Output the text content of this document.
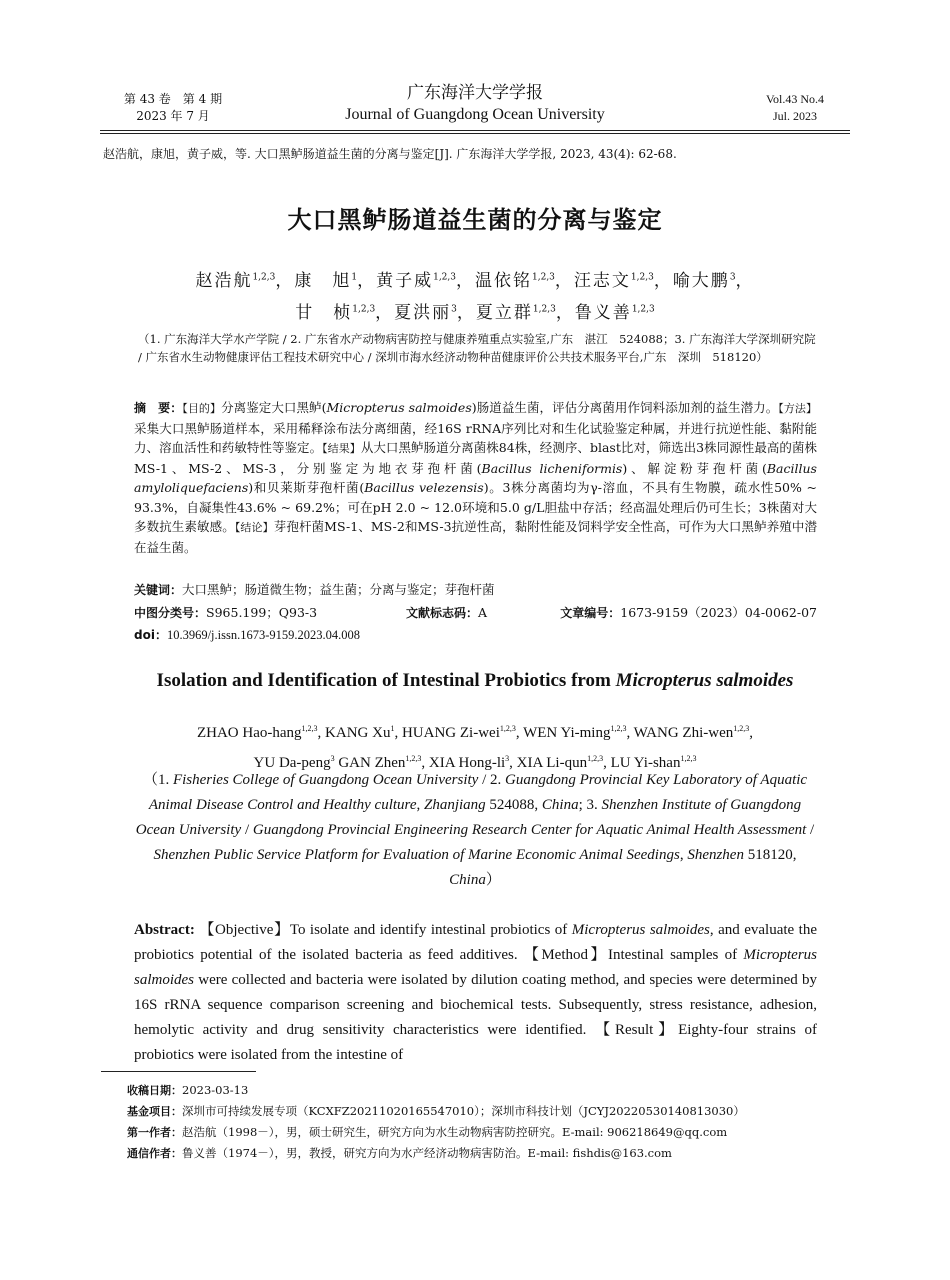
第 43 卷　第 4 期
2023 年 7 月
广东海洋大学学报
Journal of Guangdong Ocean University
Vol.43 No.4
Jul. 2023
赵浩航，康旭，黄子威，等. 大口黑鲈肠道益生菌的分离与鉴定[J]. 广东海洋大学学报, 2023, 43(4): 62-68.
大口黑鲈肠道益生菌的分离与鉴定
赵浩航$^{1,2,3}$，康　旭$^1$，黄子威$^{1,2,3}$，温依铭$^{1,2,3}$，汪志文$^{1,2,3}$，喻大鹏$^3$，
甘　桢$^{1,2,3}$，夏洪丽$^3$，夏立群$^{1,2,3}$，鲁义善$^{1,2,3}$
（1. 广东海洋大学水产学院 / 2. 广东省水产动物病害防控与健康养殖重点实验室,广东　湛江　524088；3. 广东海洋大学深圳研究院 / 广东省水生动物健康评估工程技术研究中心 / 深圳市海水经济动物种苗健康评价公共技术服务平台,广东　深圳　518120）
摘　要：【目的】分离鉴定大口黑鲈(Micropterus salmoides)肠道益生菌，评估分离菌用作饲料添加剂的益生潜力。【方法】采集大口黑鲈肠道样本，采用稀释涂布法分离细菌，经16S rRNA序列比对和生化试验鉴定种属，并进行抗逆性能、黏附能力、溶血活性和药敏特性等鉴定。【结果】从大口黑鲈肠道分离菌株84株，经测序、blast比对，筛选出3株同源性最高的菌株MS-1、MS-2、MS-3，分别鉴定为地衣芽孢杆菌(Bacillus licheniformis)、解淀粉芽孢杆菌(Bacillus amyloliquefaciens)和贝莱斯芽孢杆菌(Bacillus velezensis)。3株分离菌均为γ-溶血，不具有生物膜，疏水性50% ~ 93.3%，自凝集性43.6% ~ 69.2%；可在pH 2.0 ~ 12.0环境和5.0 g/L胆盐中存活；经高温处理后仍可生长；3株菌对大多数抗生素敏感。【结论】芽孢杆菌MS-1、MS-2和MS-3抗逆性高，黏附性能及饲料学安全性高，可作为大口黑鲈养殖中潜在益生菌。
关键词：大口黑鲈；肠道微生物；益生菌；分离与鉴定；芽孢杆菌
中图分类号：S965.199；Q93-3	文献标志码：A	文章编号：1673-9159（2023）04-0062-07
doi：10.3969/j.issn.1673-9159.2023.04.008
Isolation and Identification of Intestinal Probiotics from Micropterus salmoides
ZHAO Hao-hang$^{1,2,3}$, KANG Xu$^1$, HUANG Zi-wei$^{1,2,3}$, WEN Yi-ming$^{1,2,3}$, WANG Zhi-wen$^{1,2,3}$,
YU Da-peng$^3$ GAN Zhen$^{1,2,3}$, XIA Hong-$li^3$, XIA Li-qun$^{1,2,3}$, LU Yi-shan$^{1,2,3}$
（1. Fisheries College of Guangdong Ocean University / 2. Guangdong Provincial Key Laboratory of Aquatic Animal Disease Control and Healthy culture, Zhanjiang 524088, China; 3. Shenzhen Institute of Guangdong Ocean University / Guangdong Provincial Engineering Research Center for Aquatic Animal Health Assessment / Shenzhen Public Service Platform for Evaluation of Marine Economic Animal Seedings, Shenzhen 518120, China）
Abstract: 【Objective】To isolate and identify intestinal probiotics of Micropterus salmoides, and evaluate the probiotics potential of the isolated bacteria as feed additives. 【Method】Intestinal samples of Micropterus salmoides were collected and bacteria were isolated by dilution coating method, and species were determined by 16S rRNA sequence comparison screening and biochemical tests. Subsequently, stress resistance, adhesion, hemolytic activity and drug sensitivity characteristics were identified. 【Result】Eighty-four strains of probiotics were isolated from the intestine of
收稿日期：2023-03-13
基金项目：深圳市可持续发展专项（KCXFZ20211020165547010）；深圳市科技计划（JCYJ20220530140813030）
第一作者：赵浩航（1998－），男，硕士研究生，研究方向为水生动物病害防控研究。E-mail: 906218649@qq.com
通信作者：鲁义善（1974－），男，教授，研究方向为水产经济动物病害防治。E-mail: fishdis@163.com
